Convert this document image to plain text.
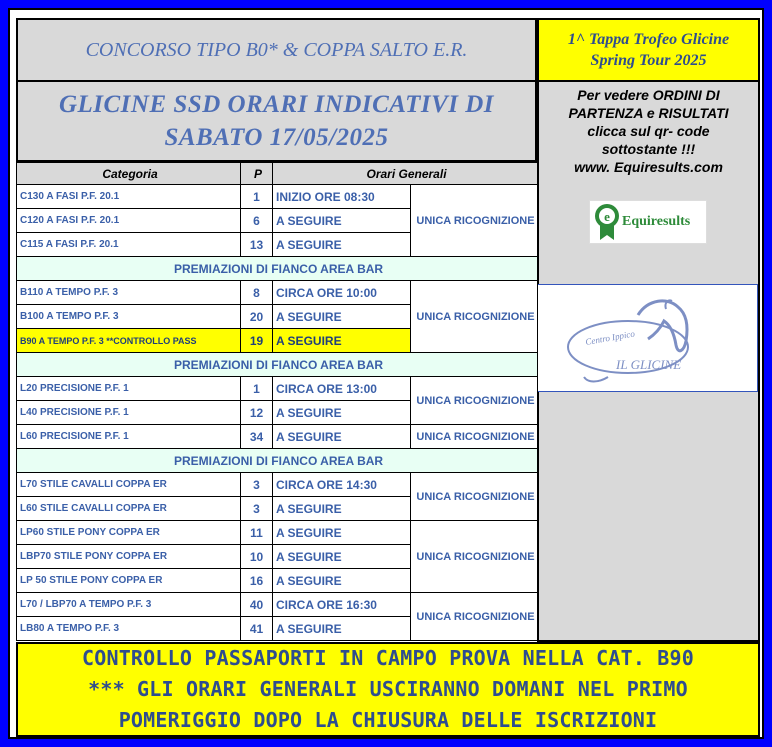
CONCORSO TIPO B0* & COPPA SALTO E.R.
GLICINE SSD ORARI INDICATIVI DI
SABATO 17/05/2025
1^ Tappa Trofeo Glicine
Spring Tour 2025
Per vedere ORDINI DI
PARTENZA e RISULTATI
clicca sul qr- code
sottostante !!!
www. Equiresults.com
e Equiresults
Centro Ippico
IL GLICINE
Categoria	P	Orari Generali	
C130 A FASI P.F. 20.1	1	INIZIO ORE 08:30	UNICA RICOGNIZIONE
C120 A FASI P.F. 20.1	6	A SEGUIRE	
C115 A FASI P.F. 20.1	13	A SEGUIRE	
PREMIAZIONI DI FIANCO AREA BAR			
B110 A TEMPO P.F. 3	8	CIRCA ORE 10:00	UNICA RICOGNIZIONE
B100 A TEMPO P.F. 3	20	A SEGUIRE	
B90 A TEMPO P.F. 3 **CONTROLLO PASS	19	A SEGUIRE	
PREMIAZIONI DI FIANCO AREA BAR			
L20 PRECISIONE P.F. 1	1	CIRCA ORE 13:00	UNICA RICOGNIZIONE
L40 PRECISIONE P.F. 1	12	A SEGUIRE	
L60 PRECISIONE P.F. 1	34	A SEGUIRE	UNICA RICOGNIZIONE
PREMIAZIONI DI FIANCO AREA BAR			
L70 STILE CAVALLI COPPA ER	3	CIRCA ORE 14:30	UNICA RICOGNIZIONE
L60 STILE CAVALLI COPPA ER	3	A SEGUIRE	
LP60 STILE PONY COPPA ER	11	A SEGUIRE	UNICA RICOGNIZIONE
LBP70 STILE PONY COPPA ER	10	A SEGUIRE	
LP 50 STILE PONY COPPA ER	16	A SEGUIRE	
L70 / LBP70 A TEMPO P.F. 3	40	CIRCA ORE 16:30	UNICA RICOGNIZIONE
LB80 A TEMPO P.F. 3	41	A SEGUIRE	
CONTROLLO PASSAPORTI IN CAMPO PROVA NELLA CAT. B90
*** GLI ORARI GENERALI USCIRANNO DOMANI NEL PRIMO
POMERIGGIO DOPO LA CHIUSURA DELLE ISCRIZIONI
